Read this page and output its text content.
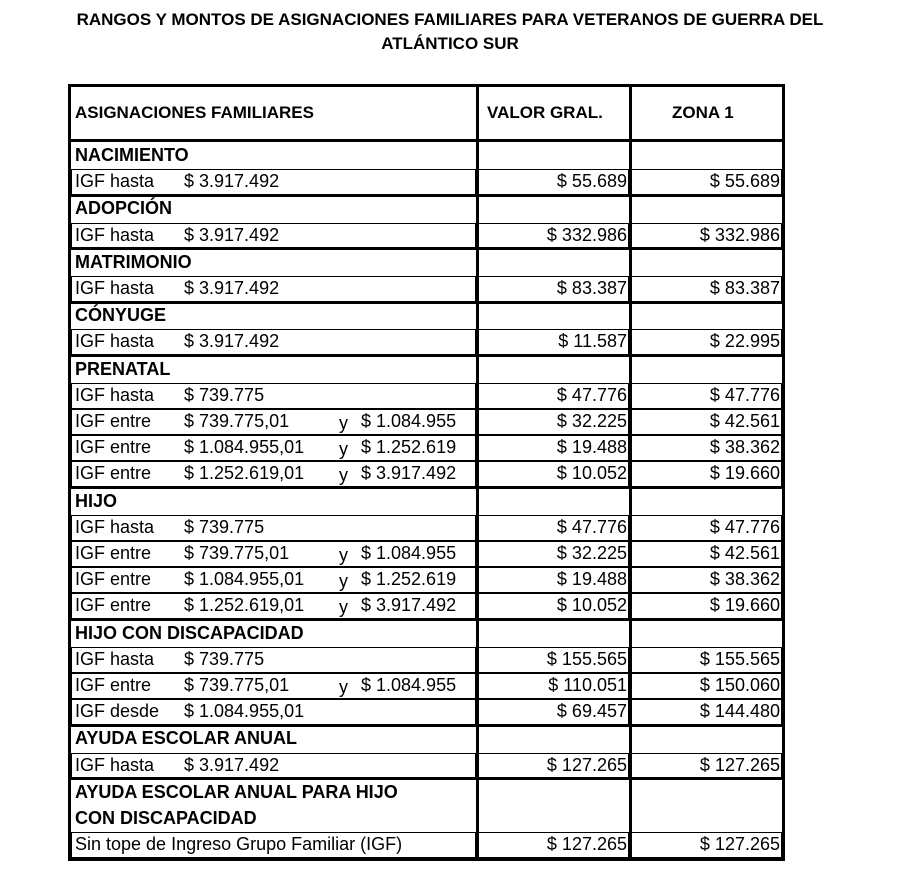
RANGOS Y MONTOS DE ASIGNACIONES FAMILIARES PARA VETERANOS DE GUERRA DEL
ATLÁNTICO SUR
ASIGNACIONES FAMILIARES	VALOR GRAL.	ZONA 1
NACIMIENTO
IGF hasta $ 3.917.492	$ 55.689	$ 55.689
ADOPCIÓN
IGF hasta $ 3.917.492	$ 332.986	$ 332.986
MATRIMONIO
IGF hasta $ 3.917.492	$ 83.387	$ 83.387
CÓNYUGE
IGF hasta $ 3.917.492	$ 11.587	$ 22.995
PRENATAL
IGF hasta $ 739.775	$ 47.776	$ 47.776
IGF entre $ 739.775,01	y $ 1.084.955	$ 32.225	$ 42.561
IGF entre $ 1.084.955,01 y $ 1.252.619	$ 19.488	$ 38.362
IGF entre $ 1.252.619,01 y $ 3.917.492	$ 10.052	$ 19.660
HIJO
IGF hasta $ 739.775	$ 47.776	$ 47.776
IGF entre $ 739.775,01	y $ 1.084.955	$ 32.225	$ 42.561
IGF entre $ 1.084.955,01 y $ 1.252.619	$ 19.488	$ 38.362
IGF entre $ 1.252.619,01 y $ 3.917.492	$ 10.052	$ 19.660
HIJO CON DISCAPACIDAD
IGF hasta $ 739.775	$ 155.565	$ 155.565
IGF entre $ 739.775,01	y $ 1.084.955	$ 110.051	$ 150.060
IGF desde $ 1.084.955,01	$ 69.457	$ 144.480
AYUDA ESCOLAR ANUAL
IGF hasta $ 3.917.492	$ 127.265	$ 127.265
AYUDA ESCOLAR ANUAL PARA HIJO
CON DISCAPACIDAD
Sin tope de Ingreso Grupo Familiar (IGF)	$ 127.265	$ 127.265
